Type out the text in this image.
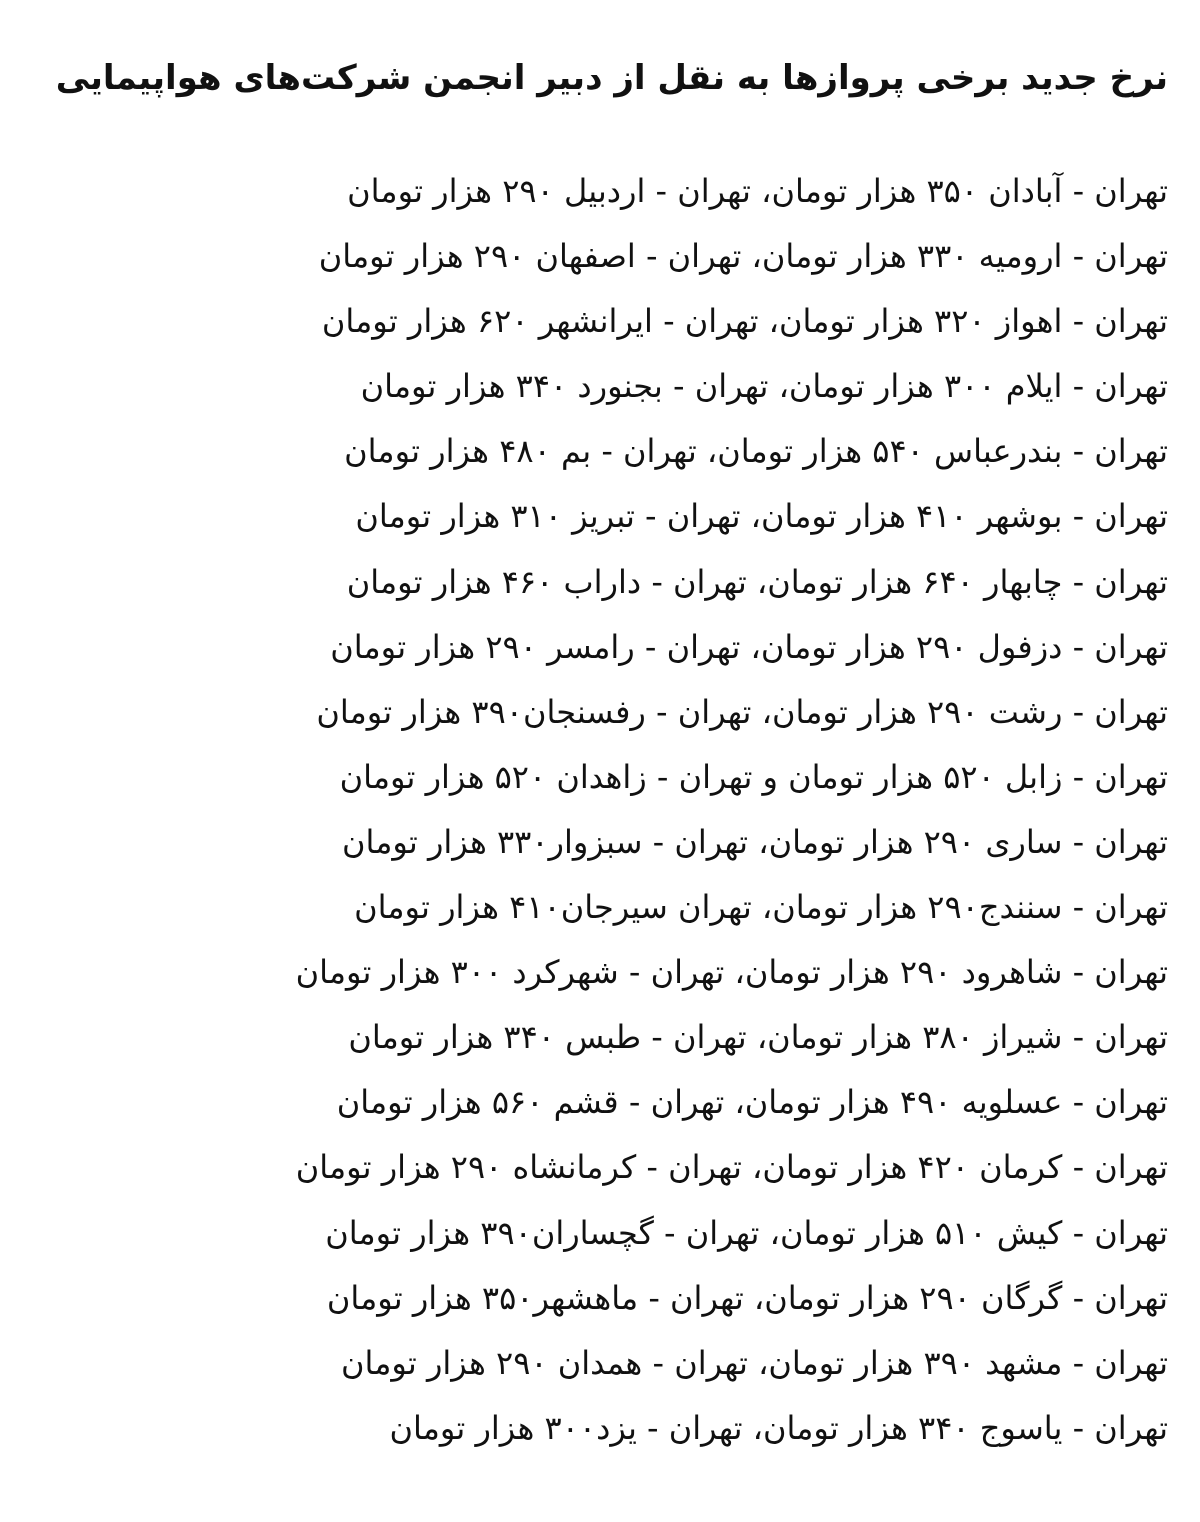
نرخ جدید برخی پروازها به نقل از دبیر انجمن شرکت‌های هواپیمایی
تهران - آبادان ۳۵۰ هزار تومان، تهران - اردبیل ۲۹۰ هزار تومان
تهران - ارومیه ۳۳۰ هزار تومان، تهران - اصفهان ۲۹۰ هزار تومان
تهران - اهواز ۳۲۰ هزار تومان، تهران - ایرانشهر ۶۲۰ هزار تومان
تهران - ایلام ۳۰۰ هزار تومان، تهران - بجنورد ۳۴۰ هزار تومان
تهران - بندرعباس ۵۴۰ هزار تومان، تهران - بم ۴۸۰ هزار تومان
تهران - بوشهر ۴۱۰ هزار تومان، تهران - تبریز ۳۱۰ هزار تومان
تهران - چابهار ۶۴۰ هزار تومان، تهران - داراب ۴۶۰ هزار تومان
تهران - دزفول ۲۹۰ هزار تومان، تهران - رامسر ۲۹۰ هزار تومان
تهران - رشت ۲۹۰ هزار تومان، تهران - رفسنجان۳۹۰ هزار تومان
تهران - زابل ۵۲۰ هزار تومان و تهران - زاهدان ۵۲۰ هزار تومان
تهران - ساری ۲۹۰ هزار تومان، تهران - سبزوار۳۳۰ هزار تومان
تهران - سنندج۲۹۰ هزار تومان، تهران سیرجان۴۱۰ هزار تومان
تهران - شاهرود ۲۹۰ هزار تومان، تهران - شهرکرد ۳۰۰ هزار تومان
تهران - شیراز ۳۸۰ هزار تومان، تهران - طبس ۳۴۰ هزار تومان
تهران - عسلویه ۴۹۰ هزار تومان، تهران - قشم ۵۶۰ هزار تومان
تهران - کرمان ۴۲۰ هزار تومان، تهران - کرمانشاه ۲۹۰ هزار تومان
تهران - کیش ۵۱۰ هزار تومان، تهران - گچساران۳۹۰ هزار تومان
تهران - گرگان ۲۹۰ هزار تومان، تهران - ماهشهر۳۵۰ هزار تومان
تهران - مشهد ۳۹۰ هزار تومان، تهران - همدان ۲۹۰ هزار تومان
تهران - یاسوج ۳۴۰ هزار تومان، تهران - یزد۳۰۰ هزار تومان
